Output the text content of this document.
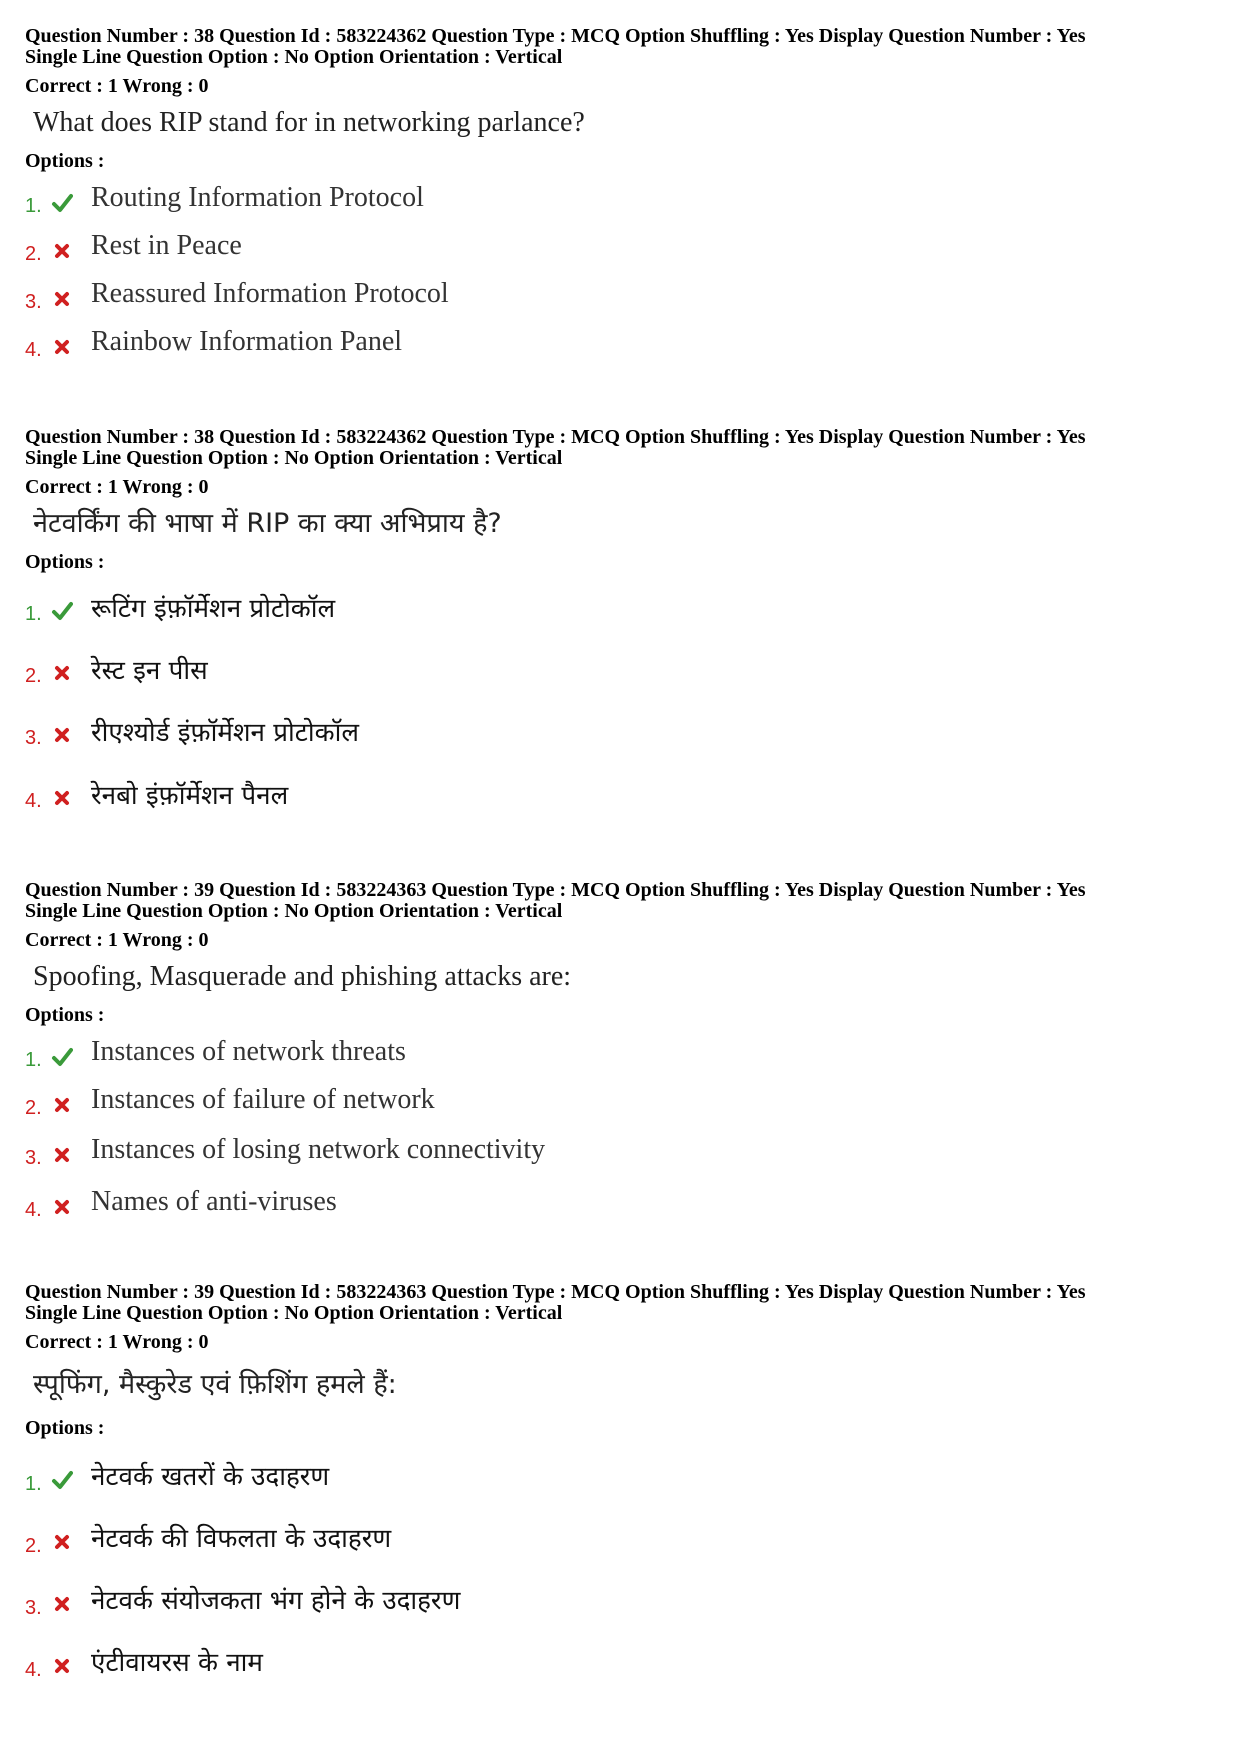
Question Number : 38 Question Id : 583224362 Question Type : MCQ Option Shuffling : Yes Display Question Number : Yes
Single Line Question Option : No Option Orientation : Vertical
Correct : 1 Wrong : 0
What does RIP stand for in networking parlance?
Options :
1. Routing Information Protocol
2. Rest in Peace
3. Reassured Information Protocol
4. Rainbow Information Panel
Question Number : 38 Question Id : 583224362 Question Type : MCQ Option Shuffling : Yes Display Question Number : Yes
Single Line Question Option : No Option Orientation : Vertical
Correct : 1 Wrong : 0
नेटवर्किंग की भाषा में RIP का क्या अभिप्राय है?
Options :
1. रूटिंग इंफ़ॉर्मेशन प्रोटोकॉल
2. रेस्ट इन पीस
3. रीएश्योर्ड इंफ़ॉर्मेशन प्रोटोकॉल
4. रेनबो इंफ़ॉर्मेशन पैनल
Question Number : 39 Question Id : 583224363 Question Type : MCQ Option Shuffling : Yes Display Question Number : Yes
Single Line Question Option : No Option Orientation : Vertical
Correct : 1 Wrong : 0
Spoofing, Masquerade and phishing attacks are:
Options :
1. Instances of network threats
2. Instances of failure of network
3. Instances of losing network connectivity
4. Names of anti-viruses
Question Number : 39 Question Id : 583224363 Question Type : MCQ Option Shuffling : Yes Display Question Number : Yes
Single Line Question Option : No Option Orientation : Vertical
Correct : 1 Wrong : 0
स्पूफिंग, मैस्कुरेड एवं फ़िशिंग हमले हैं:
Options :
1. नेटवर्क खतरों के उदाहरण
2. नेटवर्क की विफलता के उदाहरण
3. नेटवर्क संयोजकता भंग होने के उदाहरण
4. एंटीवायरस के नाम
